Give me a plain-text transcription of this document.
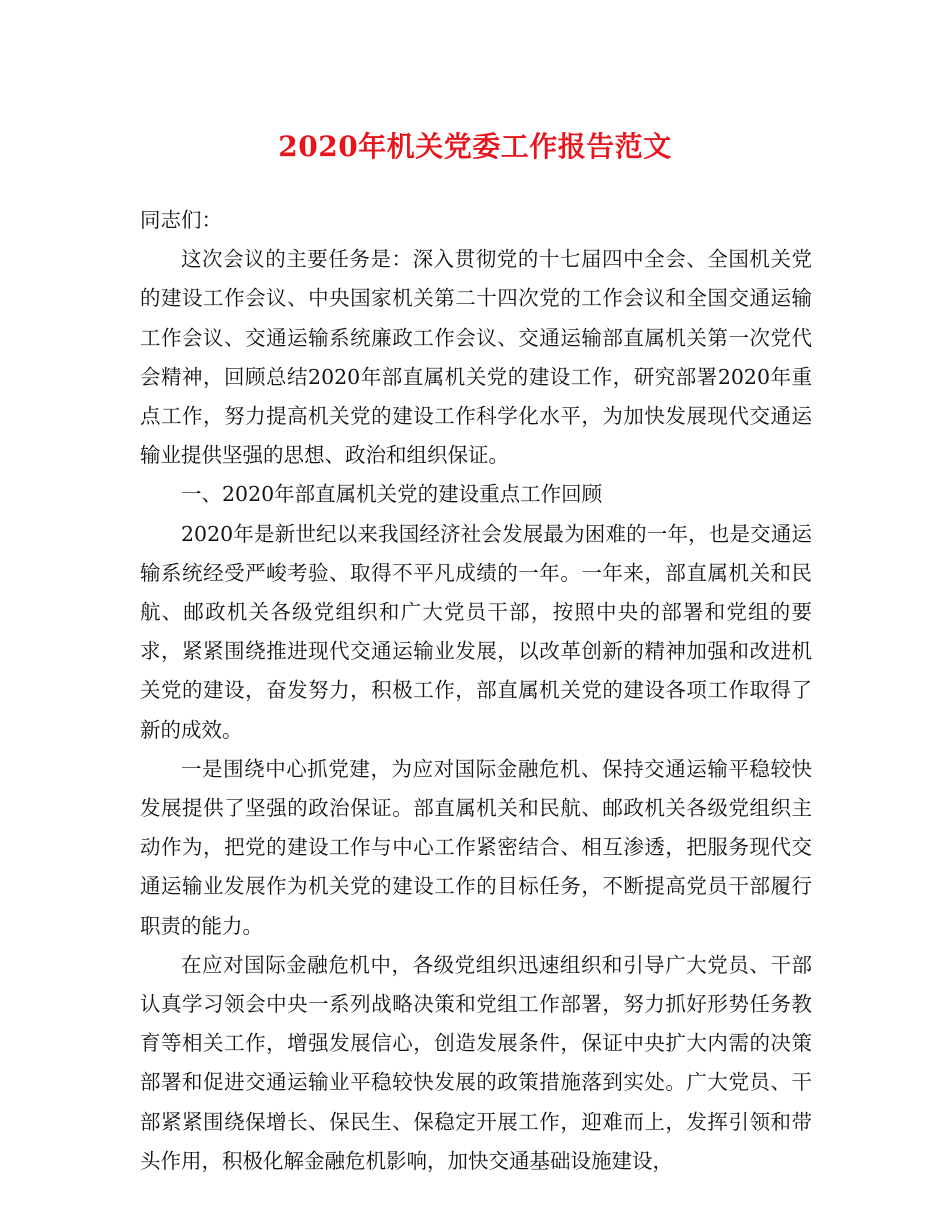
2020年机关党委工作报告范文

同志们：

这次会议的主要任务是：深入贯彻党的十七届四中全会、全国机关党的建设工作会议、中央国家机关第二十四次党的工作会议和全国交通运输工作会议、交通运输系统廉政工作会议、交通运输部直属机关第一次党代会精神，回顾总结2020年部直属机关党的建设工作，研究部署2020年重点工作，努力提高机关党的建设工作科学化水平，为加快发展现代交通运输业提供坚强的思想、政治和组织保证。

一、2020年部直属机关党的建设重点工作回顾

2020年是新世纪以来我国经济社会发展最为困难的一年，也是交通运输系统经受严峻考验、取得不平凡成绩的一年。一年来，部直属机关和民航、邮政机关各级党组织和广大党员干部，按照中央的部署和党组的要求，紧紧围绕推进现代交通运输业发展，以改革创新的精神加强和改进机关党的建设，奋发努力，积极工作，部直属机关党的建设各项工作取得了新的成效。

一是围绕中心抓党建，为应对国际金融危机、保持交通运输平稳较快发展提供了坚强的政治保证。部直属机关和民航、邮政机关各级党组织主动作为，把党的建设工作与中心工作紧密结合、相互渗透，把服务现代交通运输业发展作为机关党的建设工作的目标任务，不断提高党员干部履行职责的能力。

在应对国际金融危机中，各级党组织迅速组织和引导广大党员、干部认真学习领会中央一系列战略决策和党组工作部署，努力抓好形势任务教育等相关工作，增强发展信心，创造发展条件，保证中央扩大内需的决策部署和促进交通运输业平稳较快发展的政策措施落到实处。广大党员、干部紧紧围绕保增长、保民生、保稳定开展工作，迎难而上，发挥引领和带头作用，积极化解金融危机影响，加快交通基础设施建设，
